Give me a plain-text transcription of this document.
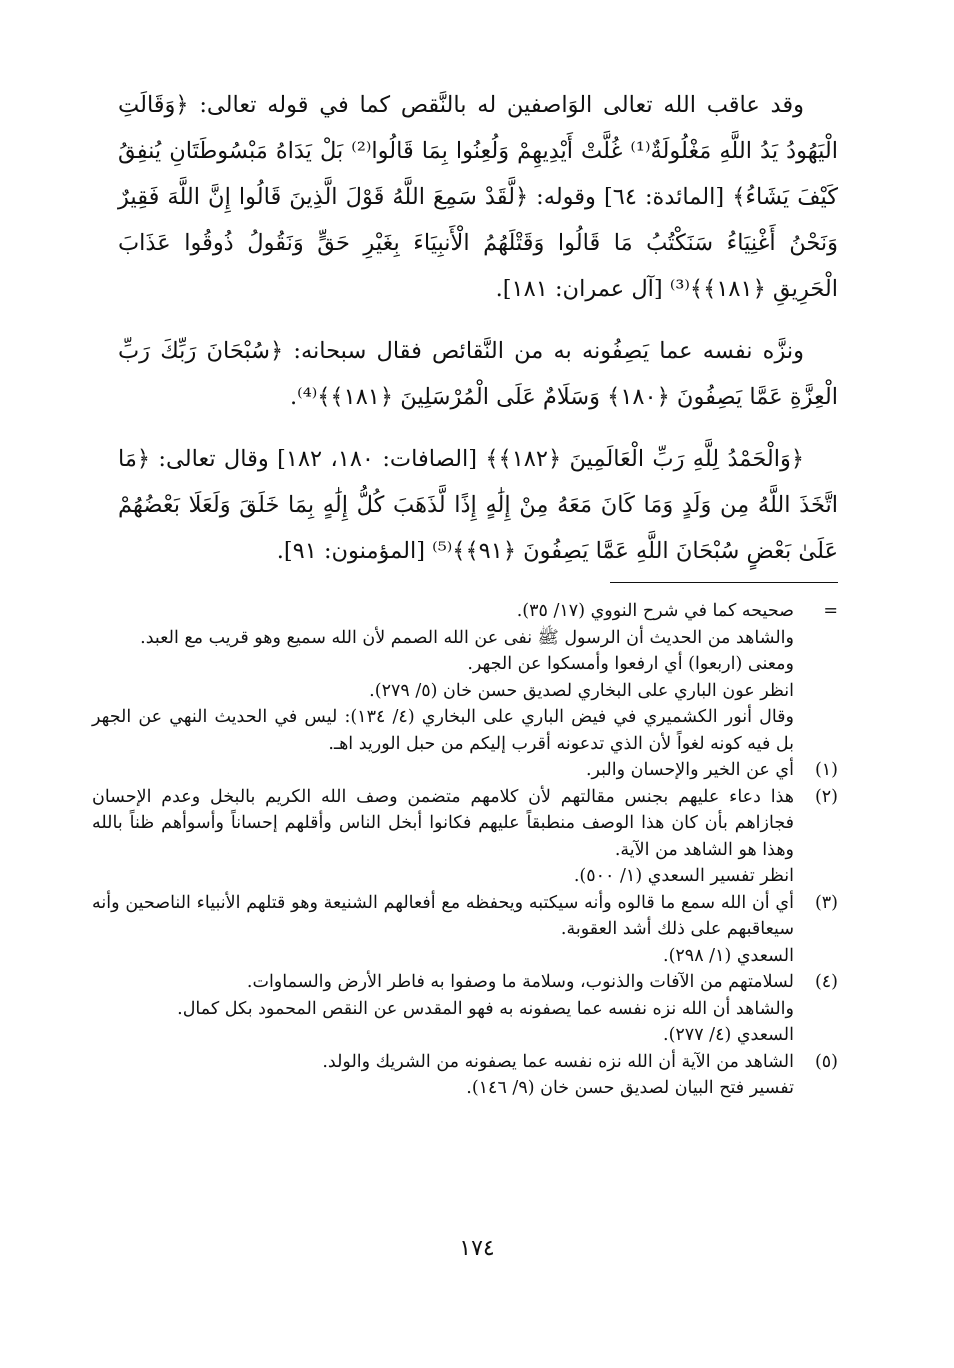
وقد عاقب الله تعالى الوَاصفين له بالنَّقص كما في قوله تعالى: ﴿وَقَالَتِ الْيَهُودُ يَدُ اللَّهِ مَغْلُولَةٌ⁽¹⁾ غُلَّتْ أَيْدِيهِمْ وَلُعِنُوا بِمَا قَالُوا⁽²⁾ بَلْ يَدَاهُ مَبْسُوطَتَانِ يُنفِقُ كَيْفَ يَشَاءُ﴾ [المائدة: ٦٤] وقوله: ﴿لَّقَدْ سَمِعَ اللَّهُ قَوْلَ الَّذِينَ قَالُوا إِنَّ اللَّهَ فَقِيرٌ وَنَحْنُ أَغْنِيَاءُ سَنَكْتُبُ مَا قَالُوا وَقَتْلَهُمُ الْأَنبِيَاءَ بِغَيْرِ حَقٍّ وَنَقُولُ ذُوقُوا عَذَابَ الْحَرِيقِ ﴿١٨١﴾﴾⁽³⁾ [آل عمران: ١٨١].

ونزَّه نفسه عما يَصِفُونه به من النَّقائص فقال سبحانه: ﴿سُبْحَانَ رَبِّكَ رَبِّ الْعِزَّةِ عَمَّا يَصِفُونَ ﴿١٨٠﴾ وَسَلَامٌ عَلَى الْمُرْسَلِينَ ﴿١٨١﴾﴾⁽⁴⁾.

﴿وَالْحَمْدُ لِلَّهِ رَبِّ الْعَالَمِينَ ﴿١٨٢﴾﴾ [الصافات: ١٨٠، ١٨٢] وقال تعالى: ﴿مَا اتَّخَذَ اللَّهُ مِن وَلَدٍ وَمَا كَانَ مَعَهُ مِنْ إِلَٰهٍ إِذًا لَّذَهَبَ كُلُّ إِلَٰهٍ بِمَا خَلَقَ وَلَعَلَا بَعْضُهُمْ عَلَىٰ بَعْضٍ سُبْحَانَ اللَّهِ عَمَّا يَصِفُونَ ﴿٩١﴾﴾⁽⁵⁾ [المؤمنون: ٩١].

=
صحيحه كما في شرح النووي (١٧/ ٣٥).
والشاهد من الحديث أن الرسول ﷺ نفى عن الله الصمم لأن الله سميع وهو قريب مع العبد.
ومعنى (اربعوا) أي ارفعوا وأمسكوا عن الجهر.
انظر عون الباري على البخاري لصديق حسن خان (٥/ ٢٧٩).
وقال أنور الكشميري في فيض الباري على البخاري (٤/ ١٣٤): ليس في الحديث النهي عن الجهر بل فيه كونه لغواً لأن الذي تدعونه أقرب إليكم من حبل الوريد اهـ.
(١)
أي عن الخير والإحسان والبر.
(٢)
هذا دعاء عليهم بجنس مقالتهم لأن كلامهم متضمن وصف الله الكريم بالبخل وعدم الإحسان فجازاهم بأن كان هذا الوصف منطبقاً عليهم فكانوا أبخل الناس وأقلهم إحساناً وأسوأهم ظناً بالله وهذا هو الشاهد من الآية.
انظر تفسير السعدي (١/ ٥٠٠).
(٣)
أي أن الله سمع ما قالوه وأنه سيكتبه ويحفظه مع أفعالهم الشنيعة وهو قتلهم الأنبياء الناصحين وأنه سيعاقبهم على ذلك أشد العقوبة.
السعدي (١/ ٢٩٨).
(٤)
لسلامتهم من الآفات والذنوب، وسلامة ما وصفوا به فاطر الأرض والسماوات.
والشاهد أن الله نزه نفسه عما يصفونه به فهو المقدس عن النقص المحمود بكل كمال.
السعدي (٤/ ٢٧٧).
(٥)
الشاهد من الآية أن الله نزه نفسه عما يصفونه من الشريك والولد.
تفسير فتح البيان لصديق حسن خان (٩/ ١٤٦).
١٧٤
